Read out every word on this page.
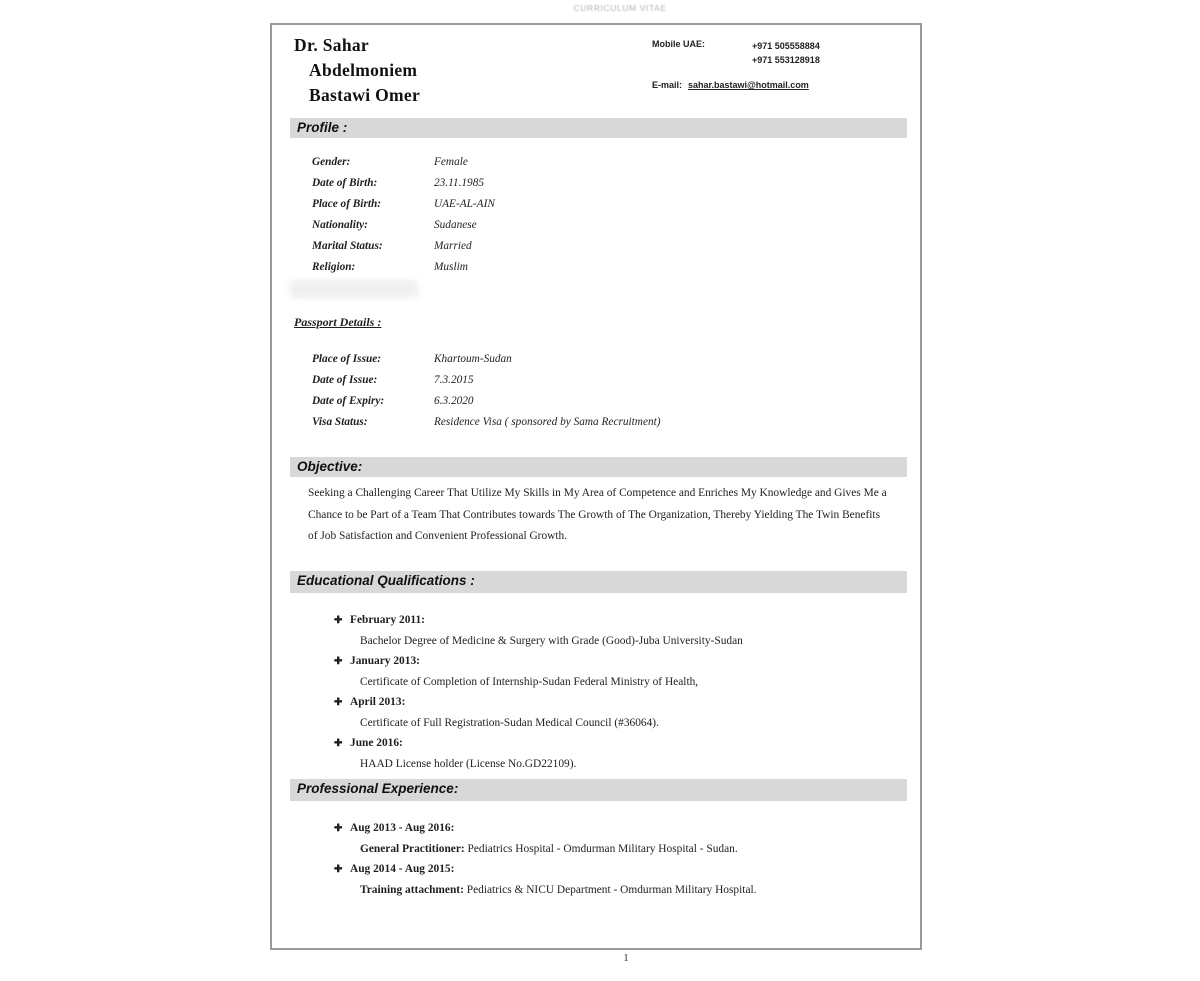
CURRICULUM VITAE
Dr. Sahar
Abdelmoniem
Bastawi Omer
Mobile UAE:	+971 505558884
+971 553128918
E-mail: sahar.bastawi@hotmail.com
Profile :
Gender:	Female
Date of Birth:	23.11.1985
Place of Birth:	UAE-AL-AIN
Nationality:	Sudanese
Marital Status:	Married
Religion:	Muslim
Passport Details :
Place of Issue:	Khartoum-Sudan
Date of Issue:	7.3.2015
Date of Expiry:	6.3.2020
Visa Status:	Residence Visa ( sponsored by Sama Recruitment)
Objective:
Seeking a Challenging Career That Utilize My Skills in My Area of Competence and Enriches My Knowledge and Gives Me a Chance to be Part of a Team That Contributes towards The Growth of The Organization, Thereby Yielding The Twin Benefits of Job Satisfaction and Convenient Professional Growth.
Educational Qualifications :
✚ February 2011:
Bachelor Degree of Medicine & Surgery with Grade (Good)-Juba University-Sudan
✚ January 2013:
Certificate of Completion of Internship-Sudan Federal Ministry of Health,
✚ April 2013:
Certificate of Full Registration-Sudan Medical Council (#36064).
✚ June 2016:
HAAD License holder (License No.GD22109).
Professional Experience:
✚ Aug 2013 - Aug 2016:
General Practitioner: Pediatrics Hospital - Omdurman Military Hospital - Sudan.
✚ Aug 2014 - Aug 2015:
Training attachment: Pediatrics & NICU Department - Omdurman Military Hospital.
1
